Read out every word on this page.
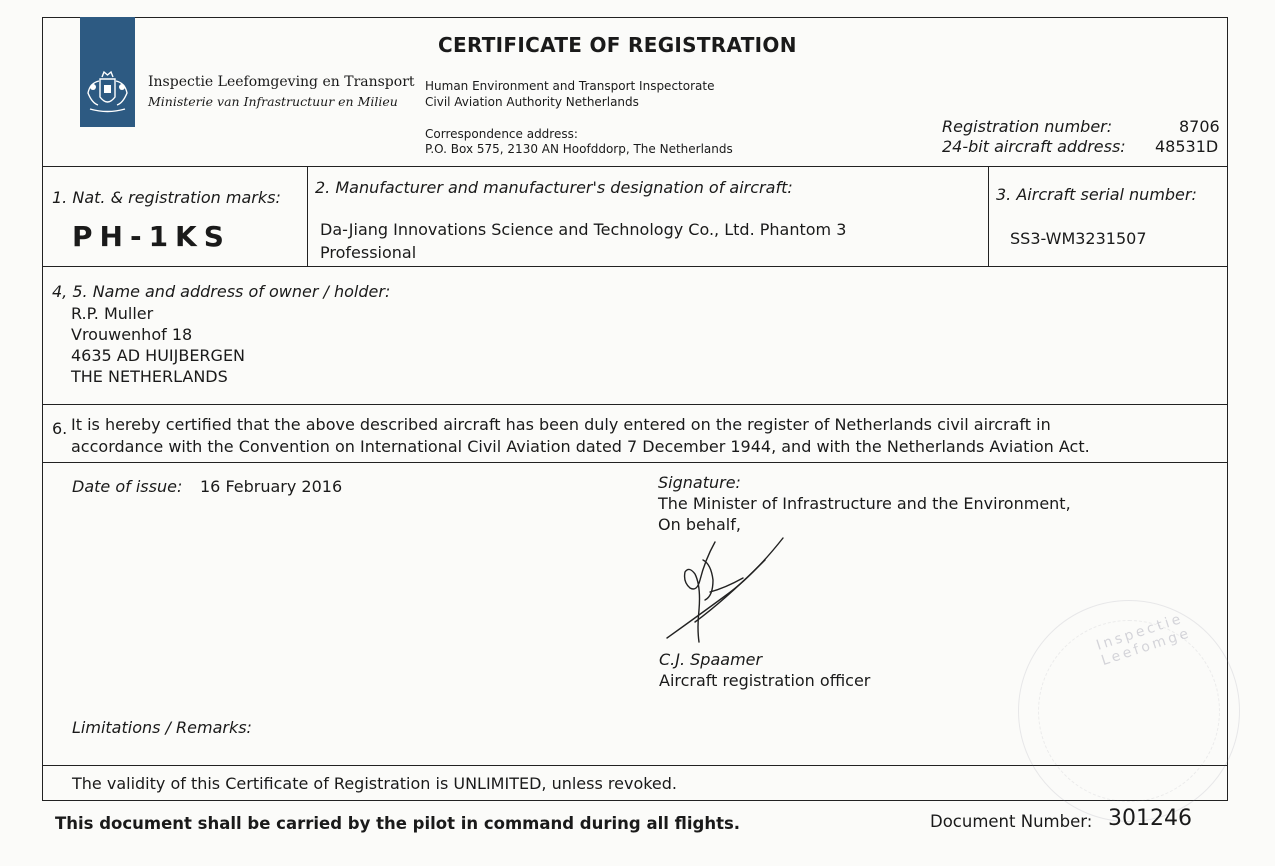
Inspectie Leefomgeving en Transport
Ministerie van Infrastructuur en Milieu
CERTIFICATE OF REGISTRATION
Human Environment and Transport Inspectorate
Civil Aviation Authority Netherlands
Correspondence address:
P.O. Box 575, 2130 AN Hoofddorp, The Netherlands
Registration number:	8706
24-bit aircraft address: 48531D
1. Nat. & registration marks:
PH-1KS
2. Manufacturer and manufacturer's designation of aircraft:
Da-Jiang Innovations Science and Technology Co., Ltd. Phantom 3
Professional
3. Aircraft serial number:
SS3-WM3231507
4, 5. Name and address of owner / holder:
R.P. Muller
Vrouwenhof 18
4635 AD HUIJBERGEN
THE NETHERLANDS
6. It is hereby certified that the above described aircraft has been duly entered on the register of Netherlands civil aircraft in
accordance with the Convention on International Civil Aviation dated 7 December 1944, and with the Netherlands Aviation Act.
Date of issue: 16 February 2016	Signature:
The Minister of Infrastructure and the Environment,
On behalf,
C.J. Spaamer
Aircraft registration officer
Inspectie Leefomge
Limitations / Remarks:
The validity of this Certificate of Registration is UNLIMITED, unless revoked.
This document shall be carried by the pilot in command during all flights.	Document Number: 301246
